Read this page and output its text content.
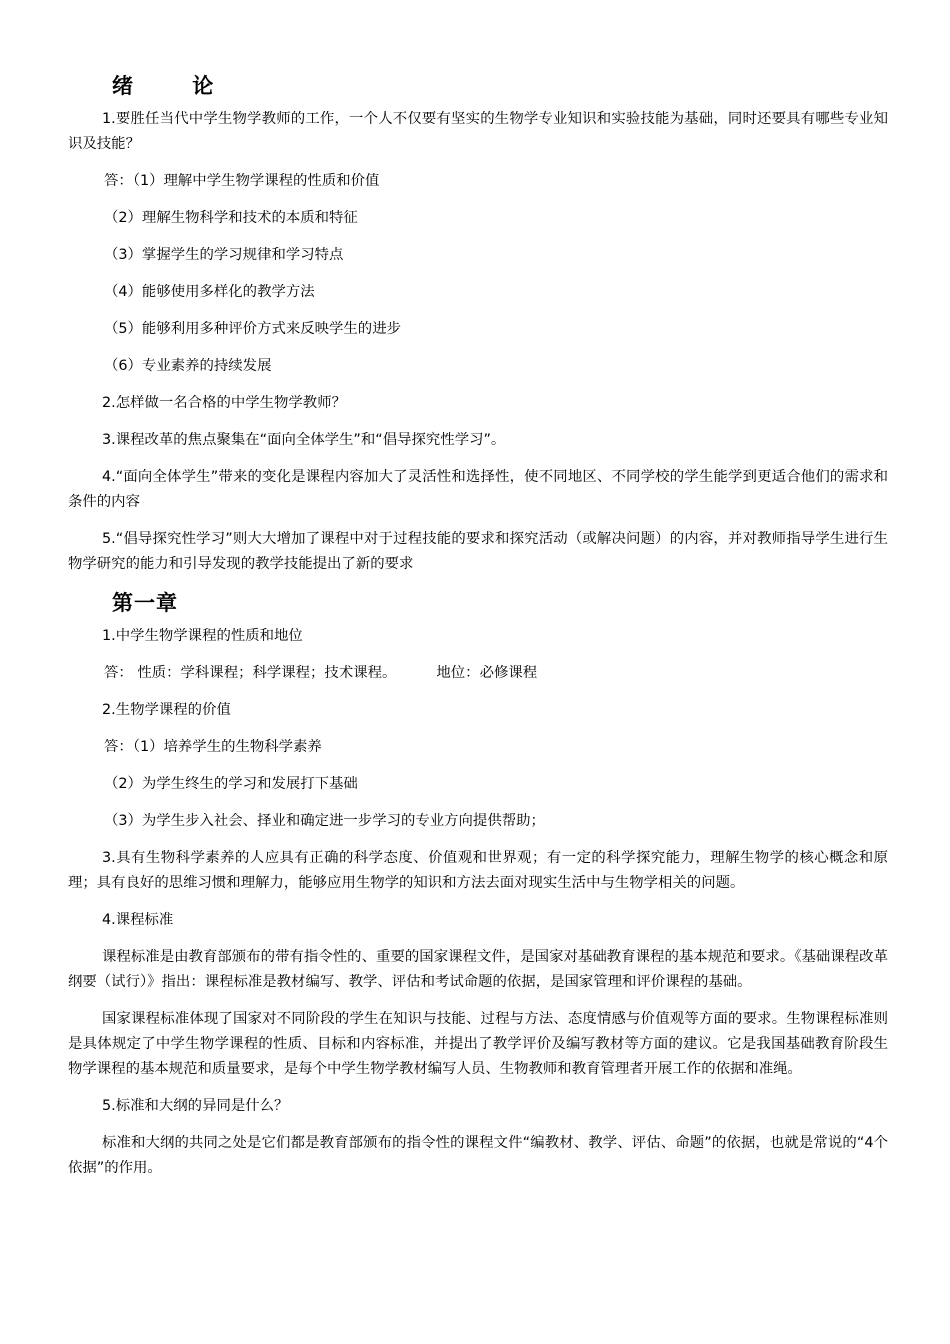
绪 论
1.要胜任当代中学生物学教师的工作，一个人不仅要有坚实的生物学专业知识和实验技能为基础，同时还要具有哪些专业知识及技能？
答：（1）理解中学生物学课程的性质和价值
（2）理解生物科学和技术的本质和特征
（3）掌握学生的学习规律和学习特点
（4）能够使用多样化的教学方法
（5）能够利用多种评价方式来反映学生的进步
（6）专业素养的持续发展
2.怎样做一名合格的中学生物学教师？
3.课程改革的焦点聚集在“面向全体学生”和“倡导探究性学习”。
4.“面向全体学生”带来的变化是课程内容加大了灵活性和选择性，使不同地区、不同学校的学生能学到更适合他们的需求和条件的内容
5.“倡导探究性学习”则大大增加了课程中对于过程技能的要求和探究活动（或解决问题）的内容，并对教师指导学生进行生物学研究的能力和引导发现的教学技能提出了新的要求
第一章
1.中学生物学课程的性质和地位
答： 性质：学科课程；科学课程；技术课程。	地位：必修课程
2.生物学课程的价值
答：（1）培养学生的生物科学素养
（2）为学生终生的学习和发展打下基础
（3）为学生步入社会、择业和确定进一步学习的专业方向提供帮助；
3.具有生物科学素养的人应具有正确的科学态度、价值观和世界观；有一定的科学探究能力，理解生物学的核心概念和原理；具有良好的思维习惯和理解力，能够应用生物学的知识和方法去面对现实生活中与生物学相关的问题。
4.课程标准
课程标准是由教育部颁布的带有指令性的、重要的国家课程文件，是国家对基础教育课程的基本规范和要求。《基础课程改革纲要（试行）》指出：课程标准是教材编写、教学、评估和考试命题的依据，是国家管理和评价课程的基础。
国家课程标准体现了国家对不同阶段的学生在知识与技能、过程与方法、态度情感与价值观等方面的要求。生物课程标准则是具体规定了中学生物学课程的性质、目标和内容标准，并提出了教学评价及编写教材等方面的建议。它是我国基础教育阶段生物学课程的基本规范和质量要求，是每个中学生物学教材编写人员、生物教师和教育管理者开展工作的依据和准绳。
5.标准和大纲的异同是什么？
标准和大纲的共同之处是它们都是教育部颁布的指令性的课程文件“编教材、教学、评估、命题”的依据，也就是常说的“4个依据”的作用。
